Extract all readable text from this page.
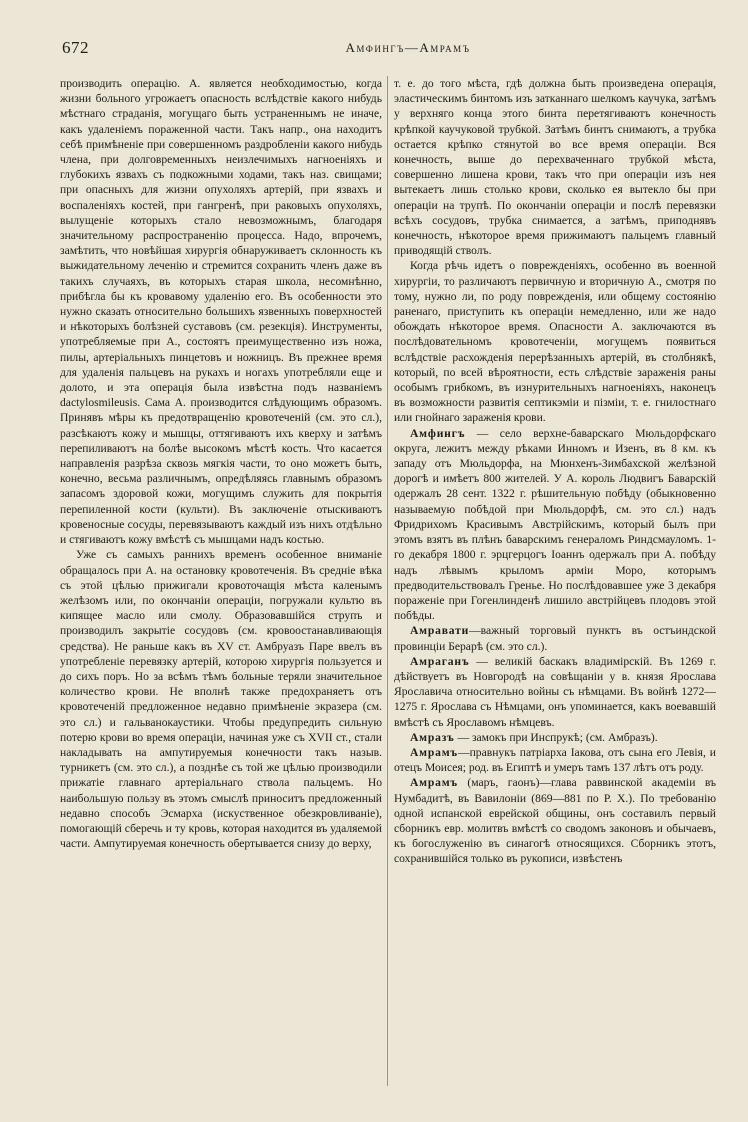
672	Амфингъ—Амрамъ

производить операцію. А. является необходимостью, когда жизни больного угрожаетъ опасность вслѣдствіе какого нибудь мѣстнаго страданія, могущаго быть устраненнымъ не иначе, какъ удаленіемъ пораженной части. Такъ напр., она находитъ себѣ примѣненіе при совершенномъ раздробленіи какого нибудь члена, при долговременныхъ неизлечимыхъ нагноеніяхъ и глубокихъ язвахъ съ подкожными ходами, такъ наз. свищами; при опасныхъ для жизни опухоляхъ артерій, при язвахъ и воспаленіяхъ костей, при гангренѣ, при раковыхъ опухоляхъ, вылущеніе которыхъ стало невозможнымъ, благодаря значительному распространенію процесса. Надо, впрочемъ, замѣтить, что новѣйшая хирургія обнаруживаетъ склонность къ выжидательному леченію и стремится сохранить членъ даже въ такихъ случаяхъ, въ которыхъ старая школа, несомнѣнно, прибѣгла бы къ кровавому удаленію его. Въ особенности это нужно сказать относительно большихъ язвенныхъ поверхностей и нѣкоторыхъ болѣзней суставовъ (см. резекція). Инструменты, употребляемые при А., состоятъ преимущественно изъ ножа, пилы, артеріальныхъ пинцетовъ и ножницъ. Въ прежнее время для удаленія пальцевъ на рукахъ и ногахъ употребляли еще и долото, и эта операція была извѣстна подъ названіемъ dactylosmileusis. Сама А. производится слѣдующимъ образомъ. Принявъ мѣры къ предотвращенію кровотеченій (см. это сл.), разсѣкаютъ кожу и мышцы, оттягиваютъ ихъ кверху и затѣмъ перепиливаютъ на болѣе высокомъ мѣстѣ кость. Что касается направленія разрѣза сквозь мягкія части, то оно можетъ быть, конечно, весьма различнымъ, опредѣляясь главнымъ образомъ запасомъ здоровой кожи, могущимъ служить для покрытія перепиленной кости (культи). Въ заключеніе отыскиваютъ кровеносные сосуды, перевязываютъ каждый изъ нихъ отдѣльно и стягиваютъ кожу вмѣстѣ съ мышцами надъ костью.

Уже съ самыхъ раннихъ временъ особенное вниманіе обращалось при А. на остановку кровотеченія. Въ средніе вѣка съ этой цѣлью прижигали кровоточащія мѣста каленымъ желѣзомъ или, по окончаніи операціи, погружали культю въ кипящее масло или смолу. Образовавшійся струпъ и производилъ закрытіе сосудовъ (см. кровоостанавливающія средства). Не раньше какъ въ XV ст. Амбруазъ Паре ввелъ въ употребленіе перевязку артерій, которою хирургія пользуется и до сихъ поръ. Но за всѣмъ тѣмъ больные теряли значительное количество крови. Не вполнѣ также предохраняетъ отъ кровотеченій предложенное недавно примѣненіе экразера (см. это сл.) и гальванокаустики. Чтобы предупредить сильную потерю крови во время операціи, начиная уже съ XVII ст., стали накладывать на ампутируемыя конечности такъ назыв. турникетъ (см. это сл.), а позднѣе съ той же цѣлью производили прижатіе главнаго артеріальнаго ствола пальцемъ. Но наибольшую пользу въ этомъ смыслѣ приноситъ предложенный недавно способъ Эсмарха (искуственное обезкровливаніе), помогающій сберечь и ту кровь, которая находится въ удаляемой части. Ампутируемая конечность обертывается снизу до верху,

т. е. до того мѣста, гдѣ должна быть произведена операція, эластическимъ бинтомъ изъ затканнаго шелкомъ каучука, затѣмъ у верхняго конца этого бинта перетягиваютъ конечность крѣпкой каучуковой трубкой. Затѣмъ бинтъ снимаютъ, а трубка остается крѣпко стянутой во все время операціи. Вся конечность, выше до перехваченнаго трубкой мѣста, совершенно лишена крови, такъ что при операціи изъ нея вытекаетъ лишь столько крови, сколько ея вытекло бы при операціи на трупѣ. По окончаніи операціи и послѣ перевязки всѣхъ сосудовъ, трубка снимается, а затѣмъ, приподнявъ конечность, нѣкоторое время прижимаютъ пальцемъ главный приводящій стволъ.

Когда рѣчь идетъ о поврежденіяхъ, особенно въ военной хирургіи, то различаютъ первичную и вторичную А., смотря по тому, нужно ли, по роду поврежденія, или общему состоянію раненаго, приступить къ операціи немедленно, или же надо обождать нѣкоторое время. Опасности А. заключаются въ послѣдовательномъ кровотеченіи, могущемъ появиться вслѣдствіе расхожденія перерѣзанныхъ артерій, въ столбнякѣ, который, по всей вѣроятности, есть слѣдствіе зараженія раны особымъ грибкомъ, въ изнурительныхъ нагноеніяхъ, наконецъ въ возможности развитія септикэміи и пізміи, т. е. гнилостнаго или гнойнаго зараженія крови.

Амфингъ — село верхне-баварскаго Мюльдорфскаго округа, лежитъ между рѣками Инномъ и Изенъ, въ 8 км. къ западу отъ Мюльдорфа, на Мюнхенъ-Зимбахской желѣзной дорогѣ и имѣетъ 800 жителей. У А. король Людвигъ Баварскій одержалъ 28 сент. 1322 г. рѣшительную побѣду (обыкновенно называемую побѣдой при Мюльдорфѣ, см. это сл.) надъ Фридрихомъ Красивымъ Австрійскимъ, который былъ при этомъ взятъ въ плѣнъ баварскимъ генераломъ Риндсмауломъ. 1-го декабря 1800 г. эрцгерцогъ Іоаннъ одержалъ при А. побѣду надъ лѣвымъ крыломъ арміи Моро, которымъ предводительствовалъ Греньe. Но послѣдовавшее уже 3 декабря пораженіе при Гогенлинденѣ лишило австрійцевъ плодовъ этой побѣды.

Амравати—важный торговый пунктъ въ остъиндской провинціи Берарѣ (см. это сл.).

Амраганъ — великій баскакъ владимірскій. Въ 1269 г. дѣйствуетъ въ Новгородѣ на совѣщаніи у в. князя Ярослава Ярославича относительно войны съ нѣмцами. Въ войнѣ 1272—1275 г. Ярослава съ Нѣмцами, онъ упоминается, какъ воевавшій вмѣстѣ съ Ярославомъ нѣмцевъ.

Амразъ — замокъ при Инспрукѣ; (см. Амбразъ).

Амрамъ—правнукъ патріарха Іакова, отъ сына его Левія, и отецъ Моисея; род. въ Египтѣ и умеръ тамъ 137 лѣтъ отъ роду.

Амрамъ (маръ, гаонъ)—глава раввинской академіи въ Нумбадитѣ, въ Вавилоніи (869—881 по Р. Х.). По требованію одной испанской еврейской общины, онъ составилъ первый сборникъ евр. молитвъ вмѣстѣ со сводомъ законовъ и обычаевъ, къ богослуженію въ синагогѣ относящихся. Сборникъ этотъ, сохранившійся только въ рукописи, извѣстенъ
